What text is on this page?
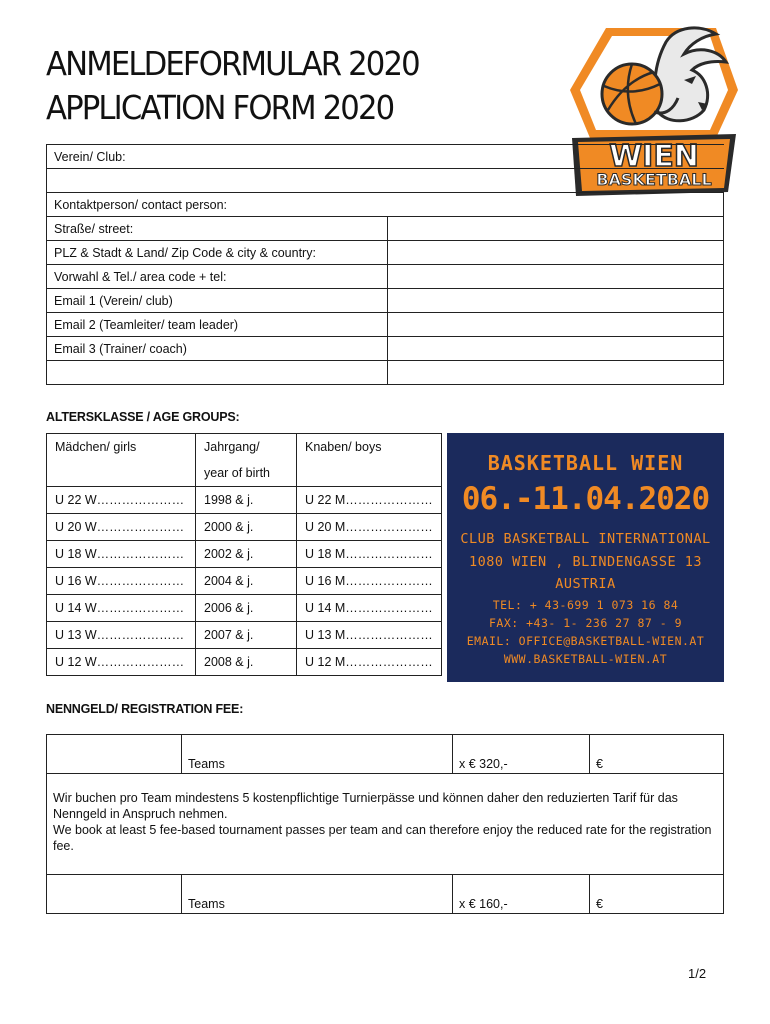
ANMELDEFORMULAR 2020
APPLICATION FORM 2020
WIEN
BASKETBALL
Verein/ Club:	

Kontaktperson/ contact person:	
Straße/ street:	
PLZ & Stadt & Land/ Zip Code & city & country:	
Vorwahl & Tel./ area code + tel:	
Email 1 (Verein/ club)	
Email 2 (Teamleiter/ team leader)	
Email 3 (Trainer/ coach)	

ALTERSKLASSE / AGE GROUPS:
Mädchen/ girls	Jahrgang/	Knaben/ boys
	year of birth	
U 22 W…………………	1998 & j.	U 22 M…………………
U 20 W…………………	2000 & j.	U 20 M…………………
U 18 W…………………	2002 & j.	U 18 M…………………
U 16 W…………………	2004 & j.	U 16 M…………………
U 14 W…………………	2006 & j.	U 14 M…………………
U 13 W…………………	2007 & j.	U 13 M…………………
U 12 W…………………	2008 & j.	U 12 M…………………
BASKETBALL WIEN
06.-11.04.2020
CLUB BASKETBALL INTERNATIONAL
1080 WIEN , BLINDENGASSE 13
AUSTRIA
TEL: + 43-699 1 073 16 84
FAX: +43- 1- 236 27 87 - 9
EMAIL: OFFICE@BASKETBALL-WIEN.AT
WWW.BASKETBALL-WIEN.AT
NENNGELD/ REGISTRATION FEE:
	Teams	x € 320,-	€

Wir buchen pro Team mindestens 5 kostenpflichtige Turnierpässe und können daher den reduzierten Tarif für das Nenngeld in Anspruch nehmen.
We book at least 5 fee-based tournament passes per team and can therefore enjoy the reduced rate for the registration fee.			

	Teams	x € 160,-	€
1/2
